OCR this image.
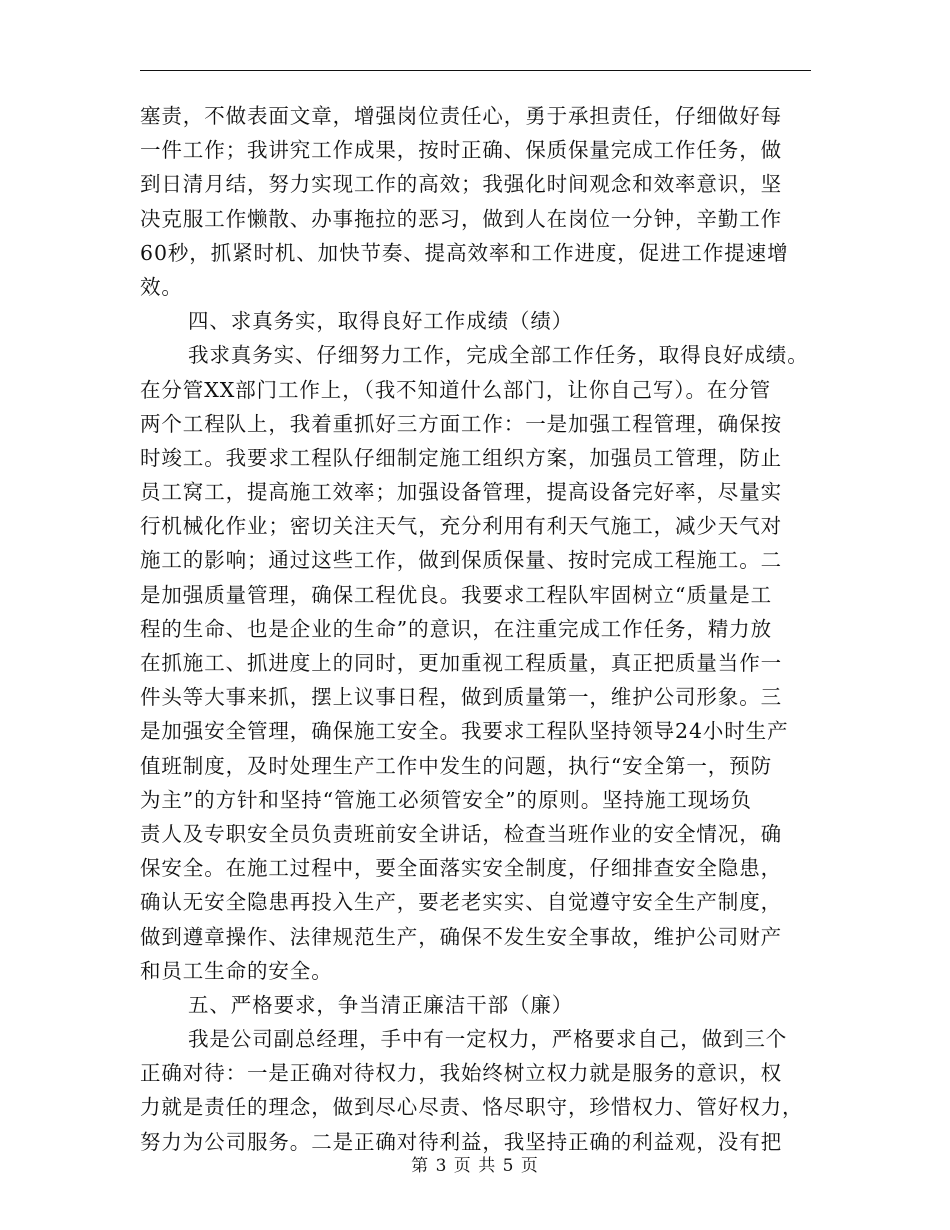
塞责，不做表面文章，增强岗位责任心，勇于承担责任，仔细做好每
一件工作；我讲究工作成果，按时正确、保质保量完成工作任务，做
到日清月结，努力实现工作的高效；我强化时间观念和效率意识，坚
决克服工作懒散、办事拖拉的恶习，做到人在岗位一分钟，辛勤工作
60秒，抓紧时机、加快节奏、提高效率和工作进度，促进工作提速增
效。
四、求真务实，取得良好工作成绩（绩）
我求真务实、仔细努力工作，完成全部工作任务，取得良好成绩。
在分管XX部门工作上，（我不知道什么部门，让你自己写）。在分管
两个工程队上，我着重抓好三方面工作：一是加强工程管理，确保按
时竣工。我要求工程队仔细制定施工组织方案，加强员工管理，防止
员工窝工，提高施工效率；加强设备管理，提高设备完好率，尽量实
行机械化作业；密切关注天气，充分利用有利天气施工，减少天气对
施工的影响；通过这些工作，做到保质保量、按时完成工程施工。二
是加强质量管理，确保工程优良。我要求工程队牢固树立“质量是工
程的生命、也是企业的生命”的意识，在注重完成工作任务，精力放
在抓施工、抓进度上的同时，更加重视工程质量，真正把质量当作一
件头等大事来抓，摆上议事日程，做到质量第一，维护公司形象。三
是加强安全管理，确保施工安全。我要求工程队坚持领导24小时生产
值班制度，及时处理生产工作中发生的问题，执行“安全第一，预防
为主”的方针和坚持“管施工必须管安全”的原则。坚持施工现场负
责人及专职安全员负责班前安全讲话，检查当班作业的安全情况，确
保安全。在施工过程中，要全面落实安全制度，仔细排查安全隐患，
确认无安全隐患再投入生产，要老老实实、自觉遵守安全生产制度，
做到遵章操作、法律规范生产，确保不发生安全事故，维护公司财产
和员工生命的安全。
五、严格要求，争当清正廉洁干部（廉）
我是公司副总经理，手中有一定权力，严格要求自己，做到三个
正确对待：一是正确对待权力，我始终树立权力就是服务的意识，权
力就是责任的理念，做到尽心尽责、恪尽职守，珍惜权力、管好权力，
努力为公司服务。二是正确对待利益，我坚持正确的利益观，没有把
第 3 页 共 5 页
